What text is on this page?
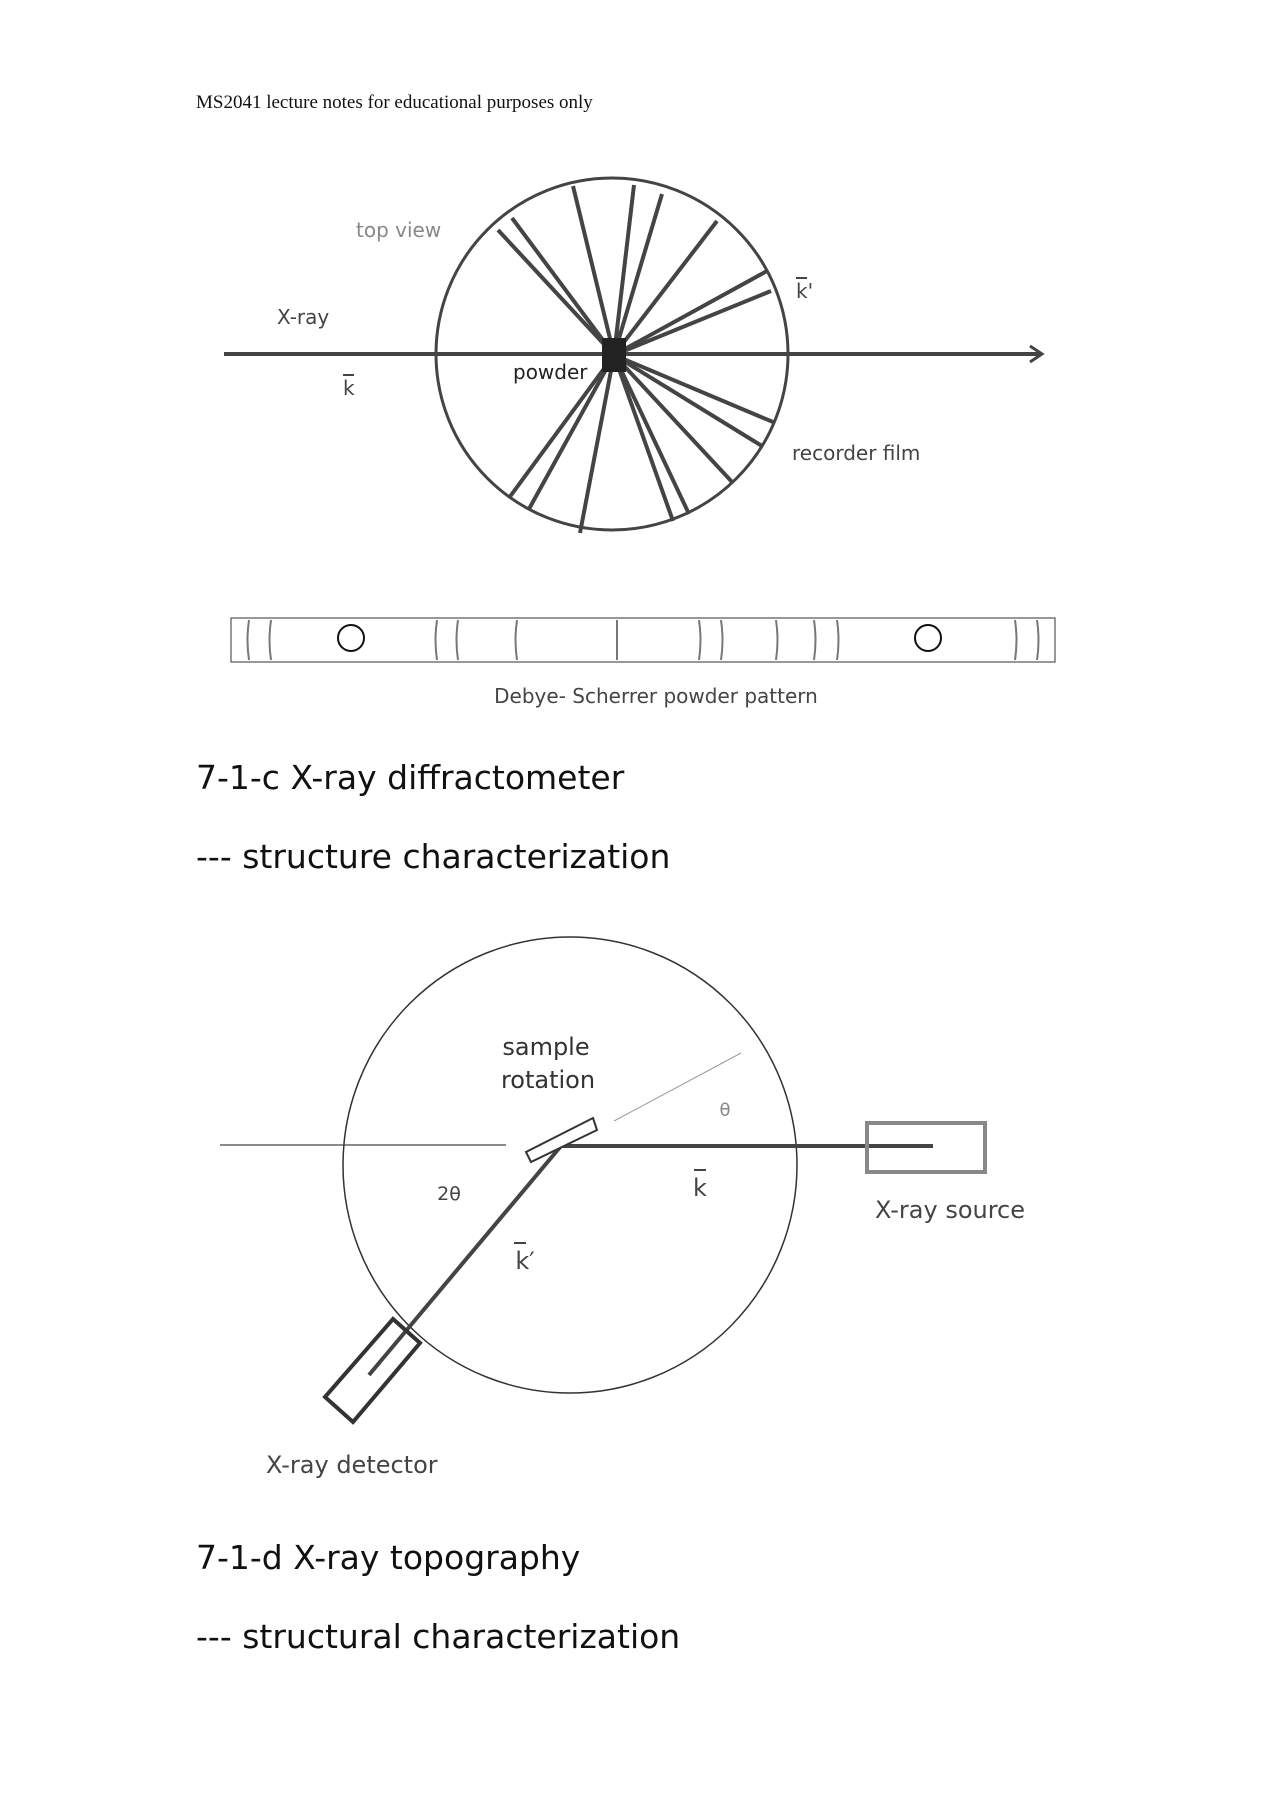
MS2041 lecture notes for educational purposes only
top view
X-ray
k
powder
k'
recorder film
Debye- Scherrer powder pattern
sample
rotation
θ
2θ	k
k′
X-ray source
X-ray detector
7-1-c X-ray diffractometer
--- structure characterization
7-1-d X-ray topography
--- structural characterization
